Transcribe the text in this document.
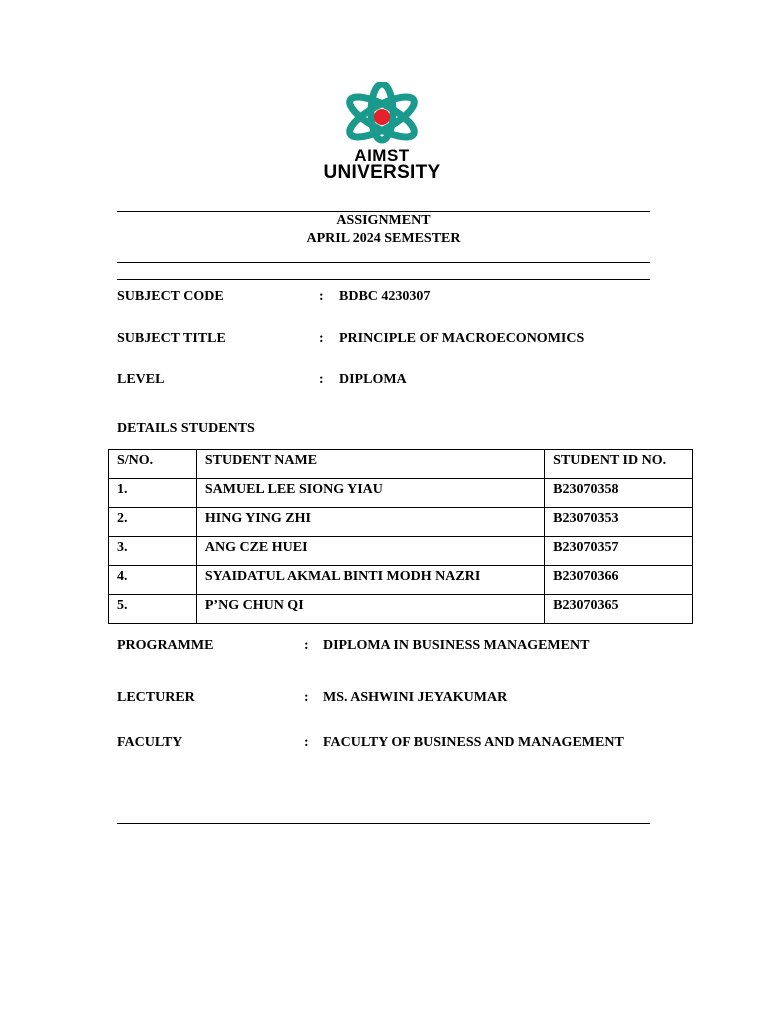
AIMST
UNIVERSITY
ASSIGNMENT
APRIL 2024 SEMESTER
SUBJECT CODE	: BDBC 4230307
SUBJECT TITLE	: PRINCIPLE OF MACROECONOMICS
LEVEL	: DIPLOMA
DETAILS STUDENTS
S/NO.	STUDENT NAME	STUDENT ID NO.
1.	SAMUEL LEE SIONG YIAU	B23070358
2.	HING YING ZHI	B23070353
3.	ANG CZE HUEI	B23070357
4.	SYAIDATUL AKMAL BINTI MODH NAZRI	B23070366
5.	P’NG CHUN QI	B23070365
PROGRAMME	: DIPLOMA IN BUSINESS MANAGEMENT
LECTURER	: MS. ASHWINI JEYAKUMAR
FACULTY	: FACULTY OF BUSINESS AND MANAGEMENT
